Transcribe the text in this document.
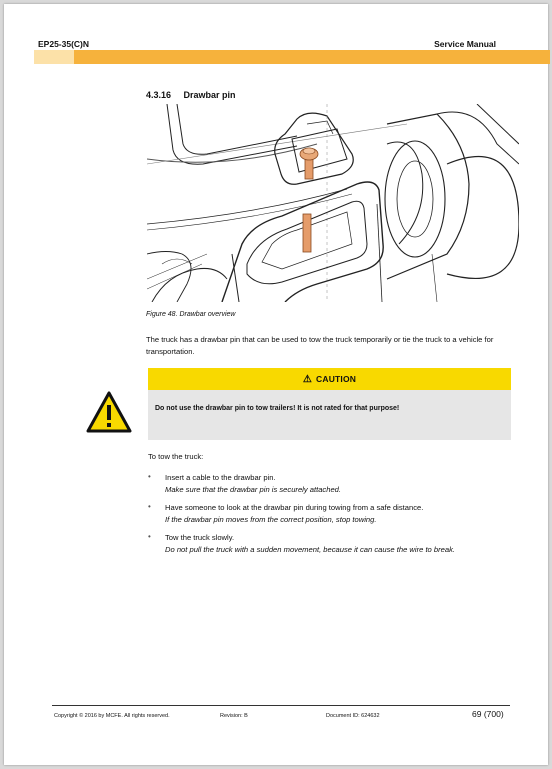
EP25-35(C)N	Service Manual
4.3.16 Drawbar pin
Figure 48. Drawbar overview
The truck has a drawbar pin that can be used to tow the truck temporarily or tie the truck to a vehicle for transportation.
⚠ CAUTION
Do not use the drawbar pin to tow trailers! It is not rated for that purpose!
To tow the truck:
• Insert a cable to the drawbar pin.
Make sure that the drawbar pin is securely attached.
• Have someone to look at the drawbar pin during towing from a safe distance.
If the drawbar pin moves from the correct position, stop towing.
• Tow the truck slowly.
Do not pull the truck with a sudden movement, because it can cause the wire to break.
Copyright © 2016 by MCFE. All rights reserved.	Revision: B	Document ID: 624632	69 (700)
